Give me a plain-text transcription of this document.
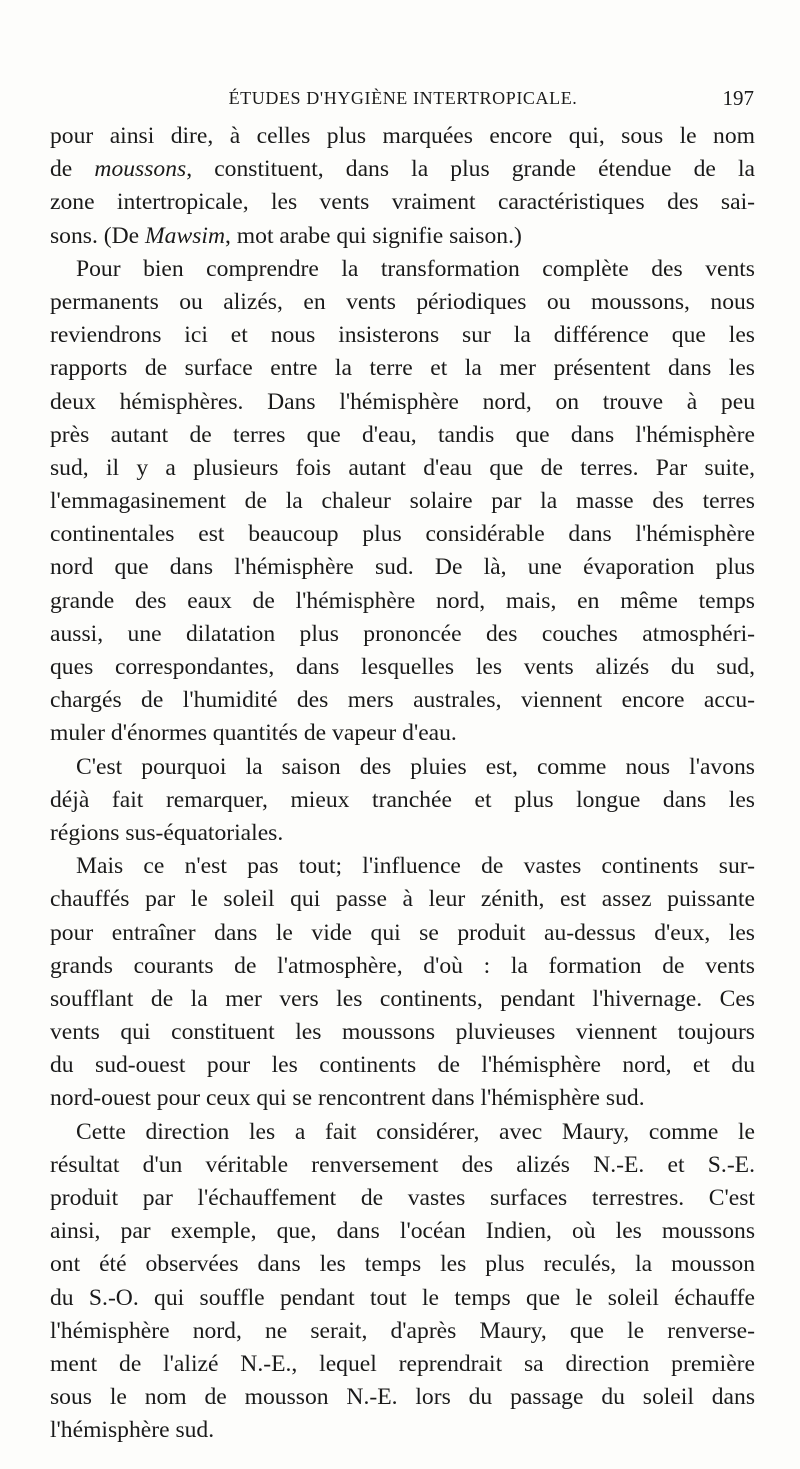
ÉTUDES D'HYGIÈNE INTERTROPICALE.	197
pour ainsi dire, à celles plus marquées encore qui, sous le nom
de moussons, constituent, dans la plus grande étendue de la
zone intertropicale, les vents vraiment caractéristiques des sai-
sons. (De Mawsim, mot arabe qui signifie saison.)
Pour bien comprendre la transformation complète des vents
permanents ou alizés, en vents périodiques ou moussons, nous
reviendrons ici et nous insisterons sur la différence que les
rapports de surface entre la terre et la mer présentent dans les
deux hémisphères. Dans l'hémisphère nord, on trouve à peu
près autant de terres que d'eau, tandis que dans l'hémisphère
sud, il y a plusieurs fois autant d'eau que de terres. Par suite,
l'emmagasinement de la chaleur solaire par la masse des terres
continentales est beaucoup plus considérable dans l'hémisphère
nord que dans l'hémisphère sud. De là, une évaporation plus
grande des eaux de l'hémisphère nord, mais, en même temps
aussi, une dilatation plus prononcée des couches atmosphéri-
ques correspondantes, dans lesquelles les vents alizés du sud,
chargés de l'humidité des mers australes, viennent encore accu-
muler d'énormes quantités de vapeur d'eau.
C'est pourquoi la saison des pluies est, comme nous l'avons
déjà fait remarquer, mieux tranchée et plus longue dans les
régions sus-équatoriales.
Mais ce n'est pas tout; l'influence de vastes continents sur-
chauffés par le soleil qui passe à leur zénith, est assez puissante
pour entraîner dans le vide qui se produit au-dessus d'eux, les
grands courants de l'atmosphère, d'où : la formation de vents
soufflant de la mer vers les continents, pendant l'hivernage. Ces
vents qui constituent les moussons pluvieuses viennent toujours
du sud-ouest pour les continents de l'hémisphère nord, et du
nord-ouest pour ceux qui se rencontrent dans l'hémisphère sud.
Cette direction les a fait considérer, avec Maury, comme le
résultat d'un véritable renversement des alizés N.-E. et S.-E.
produit par l'échauffement de vastes surfaces terrestres. C'est
ainsi, par exemple, que, dans l'océan Indien, où les moussons
ont été observées dans les temps les plus reculés, la mousson
du S.-O. qui souffle pendant tout le temps que le soleil échauffe
l'hémisphère nord, ne serait, d'après Maury, que le renverse-
ment de l'alizé N.-E., lequel reprendrait sa direction première
sous le nom de mousson N.-E. lors du passage du soleil dans
l'hémisphère sud.
